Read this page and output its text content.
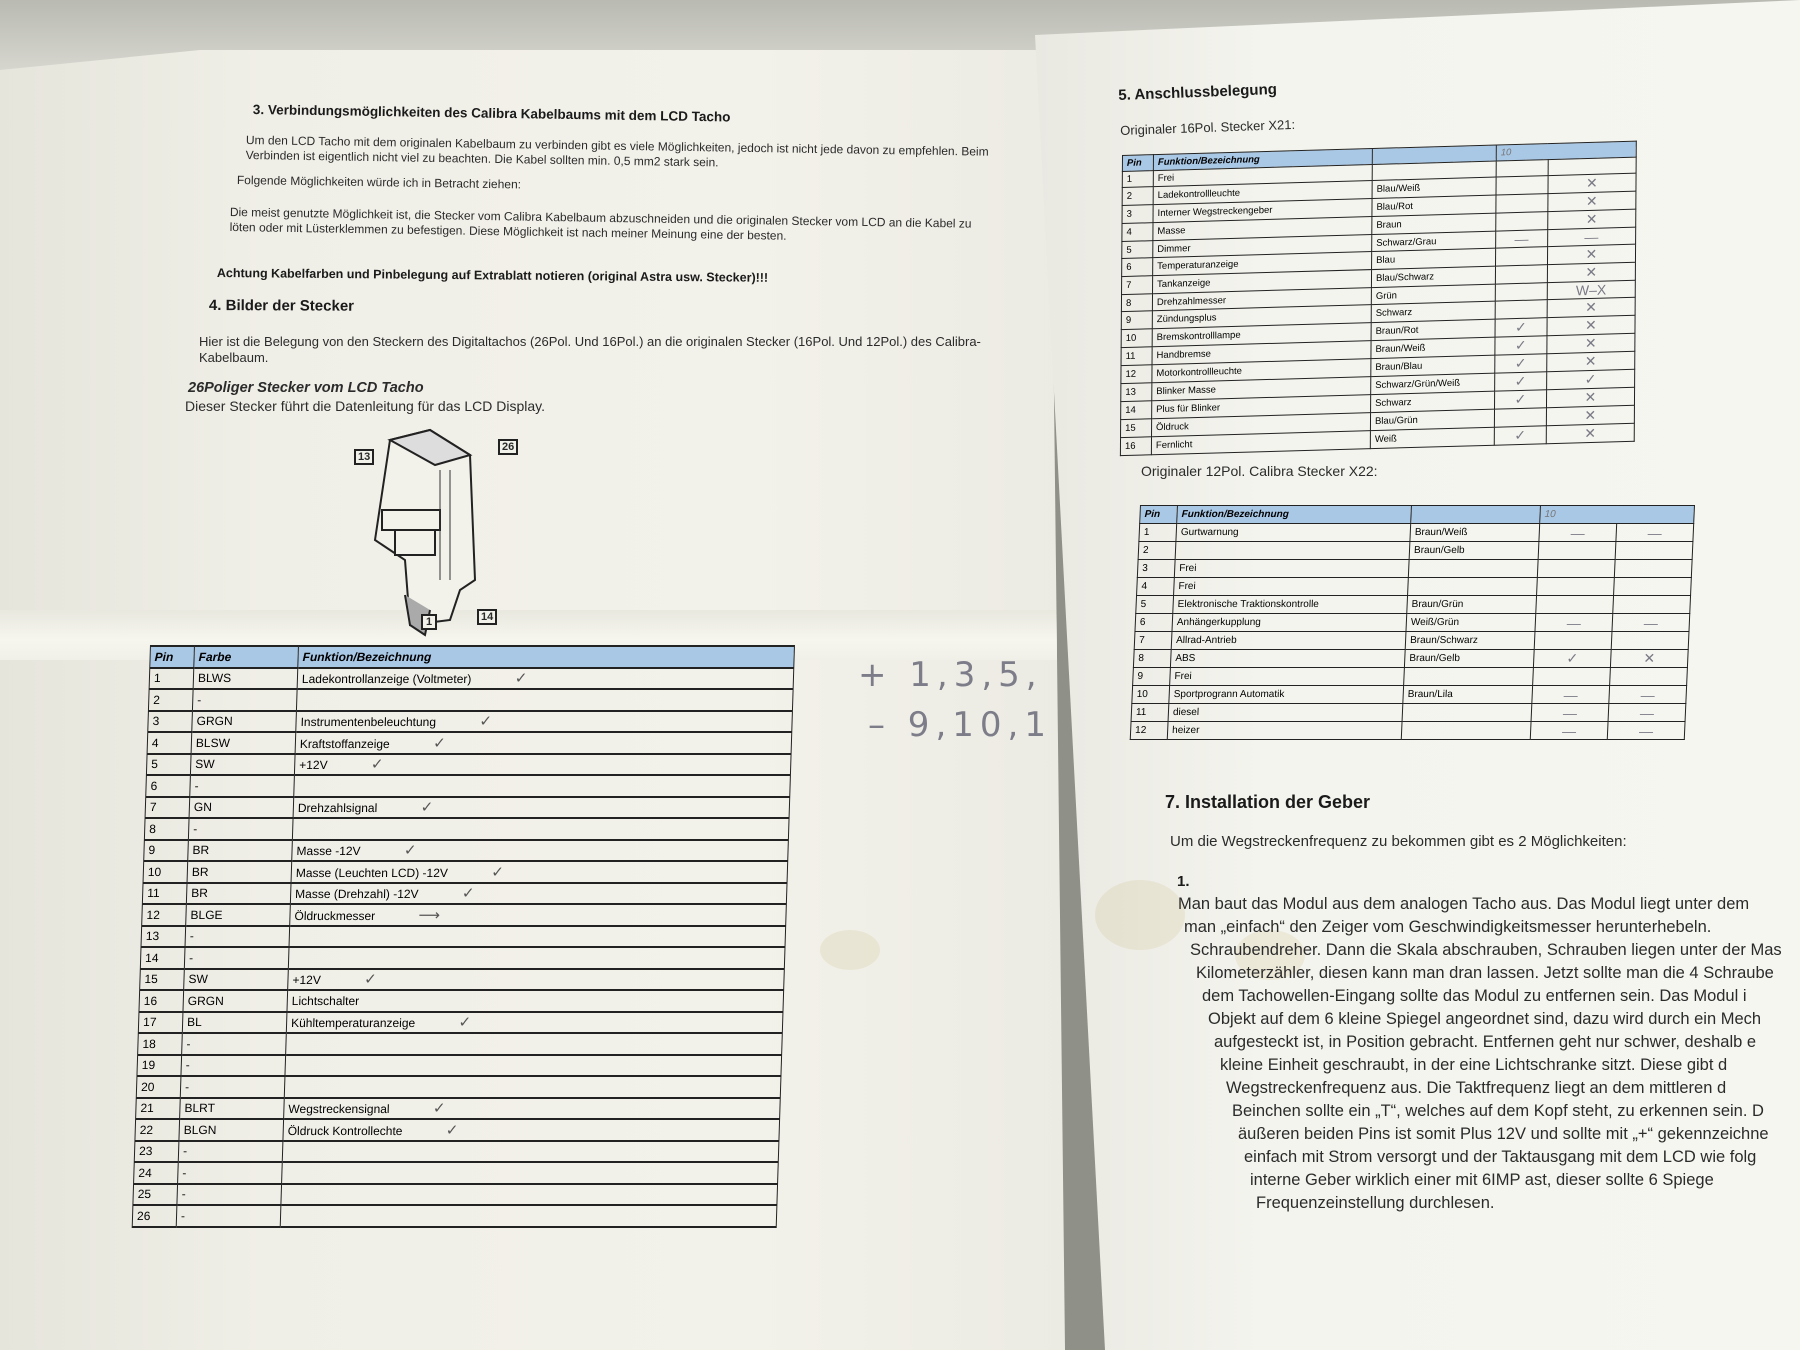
3. Verbindungsmöglichkeiten des Calibra Kabelbaums mit dem LCD Tacho

Um den LCD Tacho mit dem originalen Kabelbaum zu verbinden gibt es viele Möglichkeiten, jedoch ist nicht jede davon zu empfehlen. Beim Verbinden ist eigentlich nicht viel zu beachten. Die Kabel sollten min. 0,5 mm2 stark sein.

Folgende Möglichkeiten würde ich in Betracht ziehen:

Die meist genutzte Möglichkeit ist, die Stecker vom Calibra Kabelbaum abzuschneiden und die originalen Stecker vom LCD an die Kabel zu löten oder mit Lüsterklemmen zu befestigen. Diese Möglichkeit ist nach meiner Meinung eine der besten.

Achtung Kabelfarben und Pinbelegung auf Extrablatt notieren (original Astra usw. Stecker)!!!

4. Bilder der Stecker

Hier ist die Belegung von den Steckern des Digitaltachos (26Pol. Und 16Pol.) an die originalen Stecker (16Pol. Und 12Pol.) des Calibra-Kabelbaum.

26Poliger Stecker vom LCD Tacho

Dieser Stecker führt die Datenleitung für das LCD Display.

13
26
1	14

+ 1,3,5,

– 9,10,1

Pin	Farbe	Funktion/Bezeichnung
1	BLWS	Ladekontrollanzeige (Voltmeter) ✓
2	-	
3	GRGN	Instrumentenbeleuchtung ✓
4	BLSW	Kraftstoffanzeige ✓
5	SW	+12V ✓
6	-	
7	GN	Drehzahlsignal ✓
8	-	
9	BR	Masse -12V ✓
10	BR	Masse (Leuchten LCD) -12V ✓
11	BR	Masse (Drehzahl) -12V ✓
12	BLGE	Öldruckmesser ⟶
13	-	
14	-	
15	SW	+12V ✓
16	GRGN	Lichtschalter
17	BL	Kühltemperaturanzeige ✓
18	-	
19	-	
20	-	
21	BLRT	Wegstreckensignal ✓
22	BLGN	Öldruck Kontrollechte ✓
23	-	
24	-	
25	-	
26	-	

5. Anschlussbelegung

Originaler 16Pol. Stecker X21:

Pin	Funktion/Bezeichnung		10	
1	Frei			
2	Ladekontrollleuchte	Blau/Weiß		✕
3	Interner Wegstreckengeber	Blau/Rot		✕
4	Masse	Braun		✕
5	Dimmer	Schwarz/Grau	—	—
6	Temperaturanzeige	Blau		✕
7	Tankanzeige	Blau/Schwarz		✕
8	Drehzahlmesser	Grün		W–X
9	Zündungsplus	Schwarz		✕
10	Bremskontrolllampe	Braun/Rot	✓	✕
11	Handbremse	Braun/Weiß	✓	✕
12	Motorkontrollleuchte	Braun/Blau	✓	✕
13	Blinker Masse	Schwarz/Grün/Weiß	✓	✓
14	Plus für Blinker	Schwarz	✓	✕
15	Öldruck	Blau/Grün		✕
16	Fernlicht	Weiß	✓	✕

Originaler 12Pol. Calibra Stecker X22:

Pin	Funktion/Bezeichnung		10	
1	Gurtwarnung	Braun/Weiß	—	—
2		Braun/Gelb		
3	Frei			
4	Frei			
5	Elektronische Traktionskontrolle	Braun/Grün		
6	Anhängerkupplung	Weiß/Grün	—	—
7	Allrad-Antrieb	Braun/Schwarz		
8	ABS	Braun/Gelb	✓	✕
9	Frei			
10	Sportprogrann Automatik	Braun/Lila	—	—
11	diesel		—	—
12	heizer		—	—

7. Installation der Geber

Um die Wegstreckenfrequenz zu bekommen gibt es 2 Möglichkeiten:

1.

Man baut das Modul aus dem analogen Tacho aus. Das Modul liegt unter dem

man „einfach“ den Zeiger vom Geschwindigkeitsmesser herunterhebeln.

Schraubendreher. Dann die Skala abschrauben, Schrauben liegen unter der Mas

Kilometerzähler, diesen kann man dran lassen. Jetzt sollte man die 4 Schraube

dem Tachowellen-Eingang sollte das Modul zu entfernen sein. Das Modul i

Objekt auf dem 6 kleine Spiegel angeordnet sind, dazu wird durch ein Mech

aufgesteckt ist, in Position gebracht. Entfernen geht nur schwer, deshalb e

kleine Einheit geschraubt, in der eine Lichtschranke sitzt. Diese gibt d

Wegstreckenfrequenz aus. Die Taktfrequenz liegt an dem mittleren d

Beinchen sollte ein „T“, welches auf dem Kopf steht, zu erkennen sein. D

äußeren beiden Pins ist somit Plus 12V und sollte mit „+“ gekennzeichne

einfach mit Strom versorgt und der Taktausgang mit dem LCD wie folg

interne Geber wirklich einer mit 6IMP ast, dieser sollte 6 Spiege

Frequenzeinstellung durchlesen.
